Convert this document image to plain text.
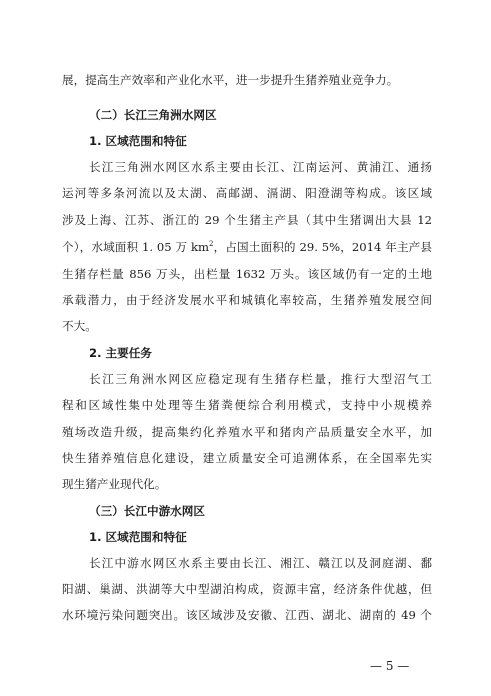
展，提高生产效率和产业化水平，进一步提升生猪养殖业竞争力。
（二）长江三角洲水网区
1. 区域范围和特征
长江三角洲水网区水系主要由长江、江南运河、黄浦江、通扬
运河等多条河流以及太湖、高邮湖、滆湖、阳澄湖等构成。该区域
涉及上海、江苏、浙江的 29 个生猪主产县（其中生猪调出大县 12
个），水域面积 1. 05 万 $km^2$，占国土面积的 29. 5%，2014 年主产县
生猪存栏量 856 万头，出栏量 1632 万头。该区域仍有一定的土地
承载潜力，由于经济发展水平和城镇化率较高，生猪养殖发展空间
不大。
2. 主要任务
长江三角洲水网区应稳定现有生猪存栏量，推行大型沼气工
程和区域性集中处理等生猪粪便综合利用模式，支持中小规模养
殖场改造升级，提高集约化养殖水平和猪肉产品质量安全水平，加
快生猪养殖信息化建设，建立质量安全可追溯体系，在全国率先实
现生猪产业现代化。
（三）长江中游水网区
1. 区域范围和特征
长江中游水网区水系主要由长江、湘江、赣江以及洞庭湖、鄱
阳湖、巢湖、洪湖等大中型湖泊构成，资源丰富，经济条件优越，但
水环境污染问题突出。该区域涉及安徽、江西、湖北、湖南的 49 个
— 5 —
